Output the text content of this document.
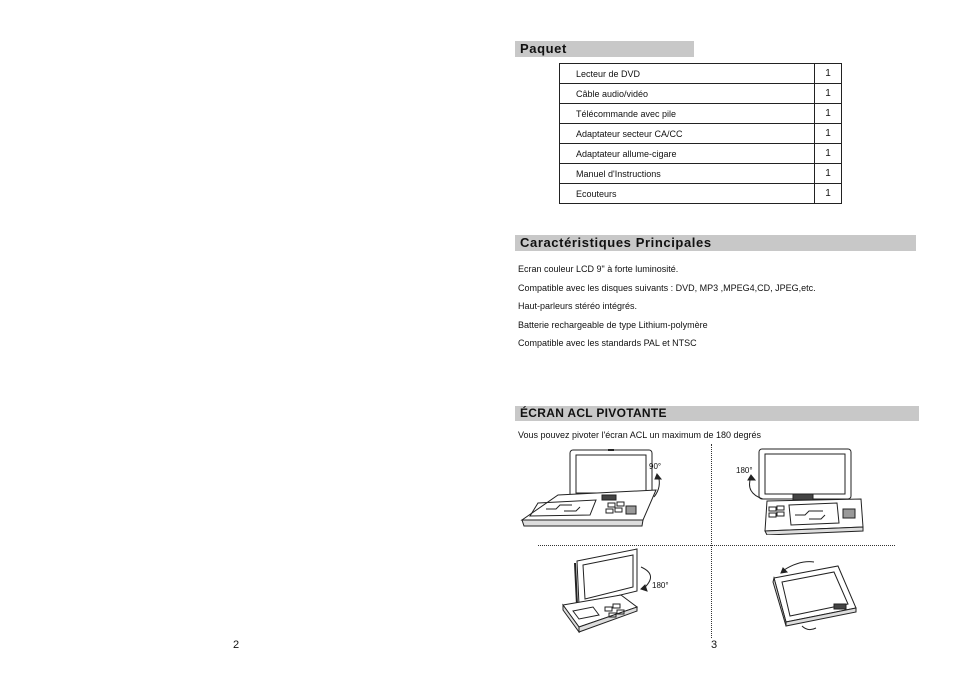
2
Paquet
Lecteur de DVD	1
Câble audio/vidéo	1
Télécommande avec pile	1
Adaptateur secteur CA/CC	1
Adaptateur allume-cigare	1
Manuel d'Instructions	1
Ecouteurs	1
Caractéristiques Principales
Ecran couleur LCD 9" à forte luminosité.
Compatible avec les disques suivants : DVD, MP3 ,MPEG4,CD, JPEG,etc.
Haut-parleurs stéréo intégrés.
Batterie rechargeable de type Lithium-polymère
Compatible avec les standards PAL et NTSC
ÉCRAN ACL PIVOTANTE
Vous pouvez pivoter l'écran ACL un maximum de 180 degrés
90°	180°
180°
3
